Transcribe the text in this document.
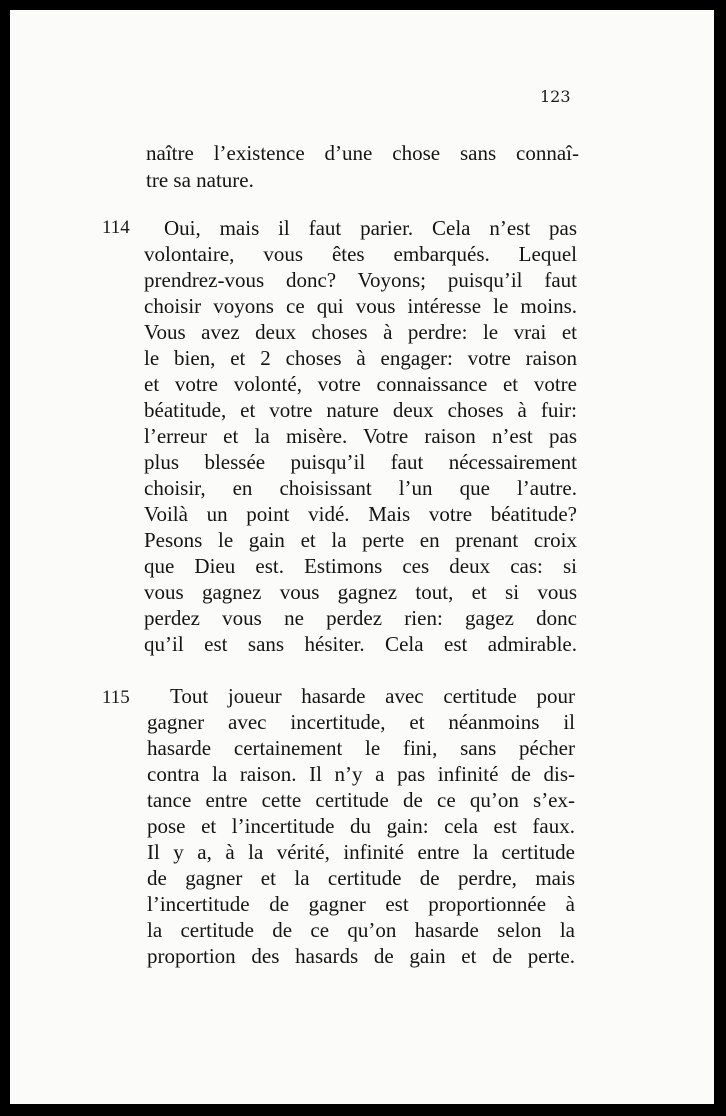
123
naître l’existence d’une chose sans connaî-
tre sa nature.
114 Oui, mais il faut parier. Cela n’est pas
volontaire, vous êtes embarqués. Lequel
prendrez-vous donc? Voyons; puisqu’il faut
choisir voyons ce qui vous intéresse le moins.
Vous avez deux choses à perdre: le vrai et
le bien, et 2 choses à engager: votre raison
et votre volonté, votre connaissance et votre
béatitude, et votre nature deux choses à fuir:
l’erreur et la misère. Votre raison n’est pas
plus blessée puisqu’il faut nécessairement
choisir, en choisissant l’un que l’autre.
Voilà un point vidé. Mais votre béatitude?
Pesons le gain et la perte en prenant croix
que Dieu est. Estimons ces deux cas: si
vous gagnez vous gagnez tout, et si vous
perdez vous ne perdez rien: gagez donc
qu’il est sans hésiter. Cela est admirable.
115 Tout joueur hasarde avec certitude pour
gagner avec incertitude, et néanmoins il
hasarde certainement le fini, sans pécher
contra la raison. Il n’y a pas infinité de dis-
tance entre cette certitude de ce qu’on s’ex-
pose et l’incertitude du gain: cela est faux.
Il y a, à la vérité, infinité entre la certitude
de gagner et la certitude de perdre, mais
l’incertitude de gagner est proportionnée à
la certitude de ce qu’on hasarde selon la
proportion des hasards de gain et de perte.
